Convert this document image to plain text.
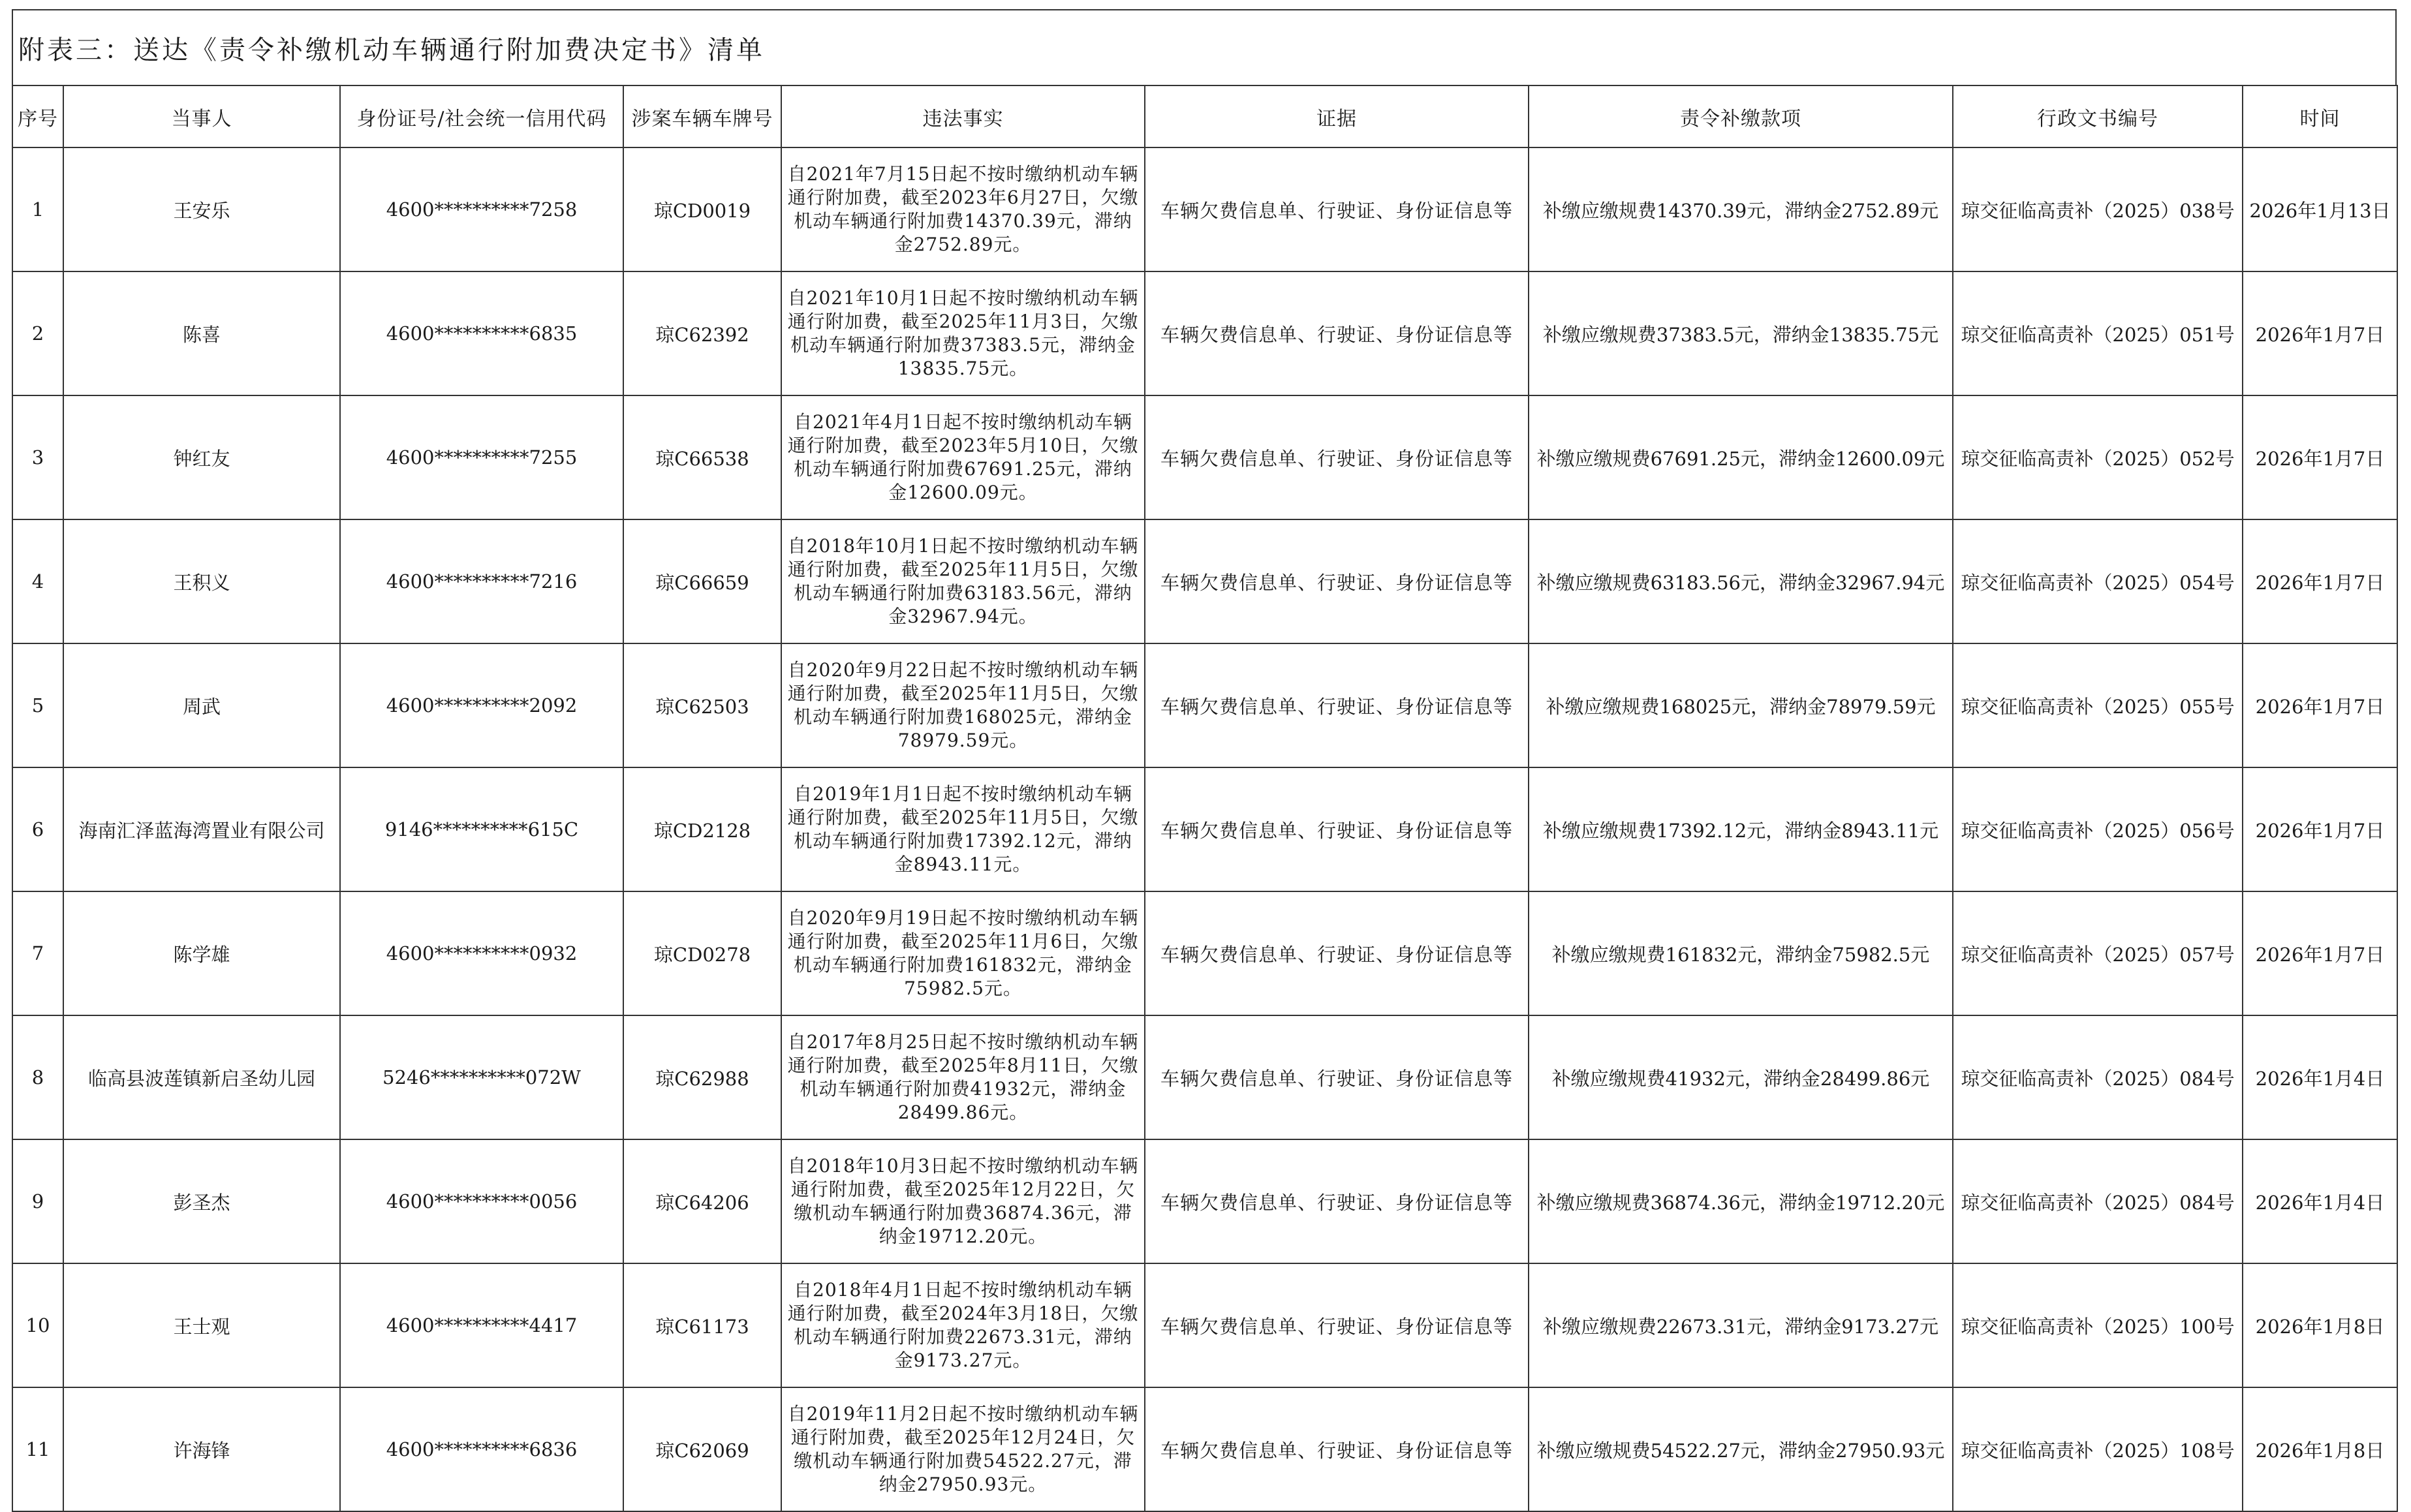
附表三：送达《责令补缴机动车辆通行附加费决定书》清单
序号	当事人	身份证号/社会统一信用代码	涉案车辆车牌号	违法事实	证据	责令补缴款项	行政文书编号	时间
1	王安乐	4600**********7258	琼CD0019	自2021年7月15日起不按时缴纳机动车辆通行附加费，截至2023年6月27日，欠缴机动车辆通行附加费14370.39元，滞纳金2752.89元。	车辆欠费信息单、行驶证、身份证信息等	补缴应缴规费14370.39元，滞纳金2752.89元	琼交征临高责补（2025）038号	2026年1月13日
2	陈喜	4600**********6835	琼C62392	自2021年10月1日起不按时缴纳机动车辆通行附加费，截至2025年11月3日，欠缴机动车辆通行附加费37383.5元，滞纳金13835.75元。	车辆欠费信息单、行驶证、身份证信息等	补缴应缴规费37383.5元，滞纳金13835.75元	琼交征临高责补（2025）051号	2026年1月7日
3	钟红友	4600**********7255	琼C66538	自2021年4月1日起不按时缴纳机动车辆通行附加费，截至2023年5月10日，欠缴机动车辆通行附加费67691.25元，滞纳金12600.09元。	车辆欠费信息单、行驶证、身份证信息等	补缴应缴规费67691.25元，滞纳金12600.09元	琼交征临高责补（2025）052号	2026年1月7日
4	王积义	4600**********7216	琼C66659	自2018年10月1日起不按时缴纳机动车辆通行附加费，截至2025年11月5日，欠缴机动车辆通行附加费63183.56元，滞纳金32967.94元。	车辆欠费信息单、行驶证、身份证信息等	补缴应缴规费63183.56元，滞纳金32967.94元	琼交征临高责补（2025）054号	2026年1月7日
5	周武	4600**********2092	琼C62503	自2020年9月22日起不按时缴纳机动车辆通行附加费，截至2025年11月5日，欠缴机动车辆通行附加费168025元，滞纳金78979.59元。	车辆欠费信息单、行驶证、身份证信息等	补缴应缴规费168025元，滞纳金78979.59元	琼交征临高责补（2025）055号	2026年1月7日
6	海南汇泽蓝海湾置业有限公司	9146**********615C	琼CD2128	自2019年1月1日起不按时缴纳机动车辆通行附加费，截至2025年11月5日，欠缴机动车辆通行附加费17392.12元，滞纳金8943.11元。	车辆欠费信息单、行驶证、身份证信息等	补缴应缴规费17392.12元，滞纳金8943.11元	琼交征临高责补（2025）056号	2026年1月7日
7	陈学雄	4600**********0932	琼CD0278	自2020年9月19日起不按时缴纳机动车辆通行附加费，截至2025年11月6日，欠缴机动车辆通行附加费161832元，滞纳金75982.5元。	车辆欠费信息单、行驶证、身份证信息等	补缴应缴规费161832元，滞纳金75982.5元	琼交征临高责补（2025）057号	2026年1月7日
8	临高县波莲镇新启圣幼儿园	5246**********072W	琼C62988	自2017年8月25日起不按时缴纳机动车辆通行附加费，截至2025年8月11日，欠缴机动车辆通行附加费41932元，滞纳金28499.86元。	车辆欠费信息单、行驶证、身份证信息等	补缴应缴规费41932元，滞纳金28499.86元	琼交征临高责补（2025）084号	2026年1月4日
9	彭圣杰	4600**********0056	琼C64206	自2018年10月3日起不按时缴纳机动车辆通行附加费，截至2025年12月22日，欠缴机动车辆通行附加费36874.36元，滞纳金19712.20元。	车辆欠费信息单、行驶证、身份证信息等	补缴应缴规费36874.36元，滞纳金19712.20元	琼交征临高责补（2025）084号	2026年1月4日
10	王士观	4600**********4417	琼C61173	自2018年4月1日起不按时缴纳机动车辆通行附加费，截至2024年3月18日，欠缴机动车辆通行附加费22673.31元，滞纳金9173.27元。	车辆欠费信息单、行驶证、身份证信息等	补缴应缴规费22673.31元，滞纳金9173.27元	琼交征临高责补（2025）100号	2026年1月8日
11	许海锋	4600**********6836	琼C62069	自2019年11月2日起不按时缴纳机动车辆通行附加费，截至2025年12月24日，欠缴机动车辆通行附加费54522.27元，滞纳金27950.93元。	车辆欠费信息单、行驶证、身份证信息等	补缴应缴规费54522.27元，滞纳金27950.93元	琼交征临高责补（2025）108号	2026年1月8日
